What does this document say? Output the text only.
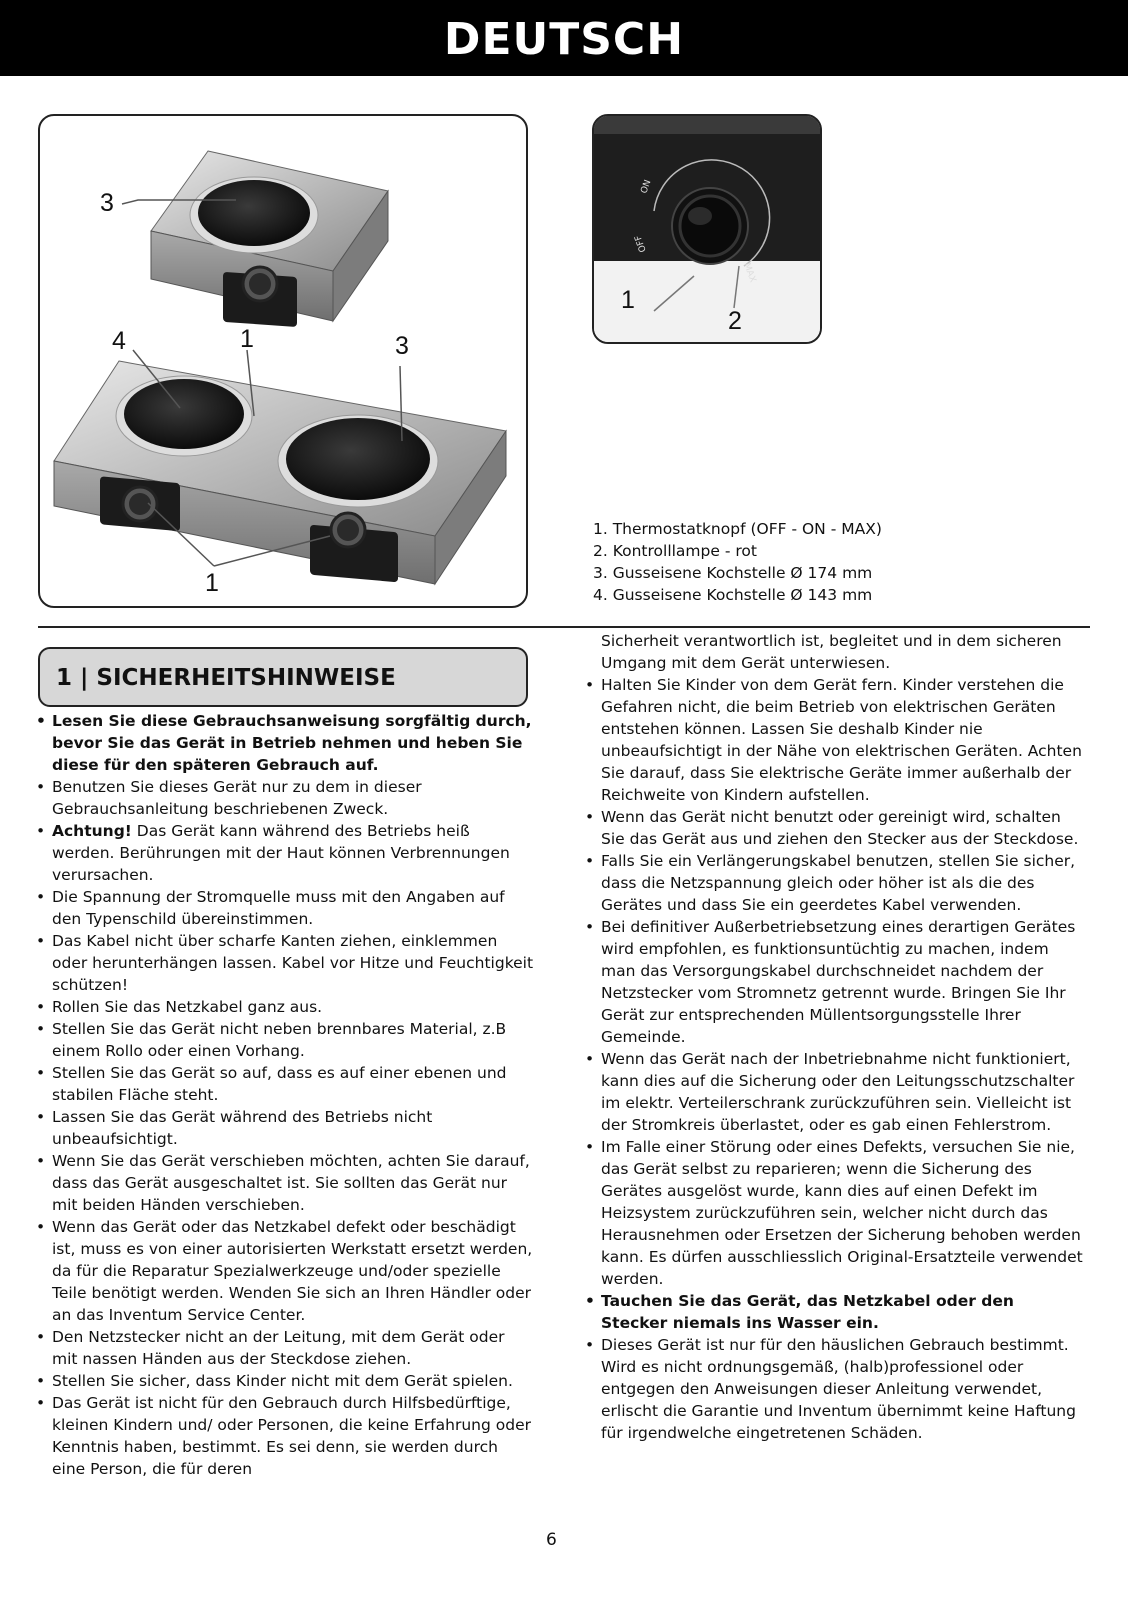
DEUTSCH
3
4	1	3
1
ON
OFF
MAX
1
2
1. Thermostatknopf (OFF - ON - MAX)
2. Kontrolllampe - rot
3. Gusseisene Kochstelle Ø 174 mm
4. Gusseisene Kochstelle Ø 143 mm
1 | SICHERHEITSHINWEISE
• Lesen Sie diese Gebrauchsanweisung sorgfältig durch, bevor Sie das Gerät in Betrieb nehmen und heben Sie diese für den späteren Gebrauch auf.
• Benutzen Sie dieses Gerät nur zu dem in dieser Gebrauchsanleitung beschriebenen Zweck.
• Achtung! Das Gerät kann während des Betriebs heiß werden. Berührungen mit der Haut können Verbrennungen verursachen.
• Die Spannung der Stromquelle muss mit den Angaben auf den Typenschild übereinstimmen.
• Das Kabel nicht über scharfe Kanten ziehen, einklemmen oder herunterhängen lassen. Kabel vor Hitze und Feuchtigkeit schützen!
• Rollen Sie das Netzkabel ganz aus.
• Stellen Sie das Gerät nicht neben brennbares Material, z.B einem Rollo oder einen Vorhang.
• Stellen Sie das Gerät so auf, dass es auf einer ebenen und stabilen Fläche steht.
• Lassen Sie das Gerät während des Betriebs nicht unbeaufsichtigt.
• Wenn Sie das Gerät verschieben möchten, achten Sie darauf, dass das Gerät ausgeschaltet ist. Sie sollten das Gerät nur mit beiden Händen verschieben.
• Wenn das Gerät oder das Netzkabel defekt oder beschädigt ist, muss es von einer autorisierten Werkstatt ersetzt werden, da für die Reparatur Spezialwerkzeuge und/oder spezielle Teile benötigt werden. Wenden Sie sich an Ihren Händler oder an das Inventum Service Center.
• Den Netzstecker nicht an der Leitung, mit dem Gerät oder mit nassen Händen aus der Steckdose ziehen.
• Stellen Sie sicher, dass Kinder nicht mit dem Gerät spielen.
• Das Gerät ist nicht für den Gebrauch durch Hilfsbedürftige, kleinen Kindern und/ oder Personen, die keine Erfahrung oder Kenntnis haben, bestimmt. Es sei denn, sie werden durch eine Person, die für deren
Sicherheit verantwortlich ist, begleitet und in dem sicheren Umgang mit dem Gerät unterwiesen.
• Halten Sie Kinder von dem Gerät fern. Kinder verstehen die Gefahren nicht, die beim Betrieb von elektrischen Geräten entstehen können. Lassen Sie deshalb Kinder nie unbeaufsichtigt in der Nähe von elektrischen Geräten. Achten Sie darauf, dass Sie elektrische Geräte immer außerhalb der Reichweite von Kindern aufstellen.
• Wenn das Gerät nicht benutzt oder gereinigt wird, schalten Sie das Gerät aus und ziehen den Stecker aus der Steckdose.
• Falls Sie ein Verlängerungskabel benutzen, stellen Sie sicher, dass die Netzspannung gleich oder höher ist als die des Gerätes und dass Sie ein geerdetes Kabel verwenden.
• Bei definitiver Außerbetriebsetzung eines derartigen Gerätes wird empfohlen, es funktionsuntüchtig zu machen, indem man das Versorgungskabel durchschneidet nachdem der Netzstecker vom Stromnetz getrennt wurde. Bringen Sie Ihr Gerät zur entsprechenden Müllentsorgungsstelle Ihrer Gemeinde.
• Wenn das Gerät nach der Inbetriebnahme nicht funktioniert, kann dies auf die Sicherung oder den Leitungsschutzschalter im elektr. Verteilerschrank zurückzuführen sein. Vielleicht ist der Stromkreis überlastet, oder es gab einen Fehlerstrom.
• Im Falle einer Störung oder eines Defekts, versuchen Sie nie, das Gerät selbst zu reparieren; wenn die Sicherung des Gerätes ausgelöst wurde, kann dies auf einen Defekt im Heizsystem zurückzuführen sein, welcher nicht durch das Herausnehmen oder Ersetzen der Sicherung behoben werden kann. Es dürfen ausschliesslich Original-Ersatzteile verwendet werden.
• Tauchen Sie das Gerät, das Netzkabel oder den Stecker niemals ins Wasser ein.
• Dieses Gerät ist nur für den häuslichen Gebrauch bestimmt. Wird es nicht ordnungsgemäß, (halb)professionel oder entgegen den Anweisungen dieser Anleitung verwendet, erlischt die Garantie und Inventum übernimmt keine Haftung für irgendwelche eingetretenen Schäden.
6
